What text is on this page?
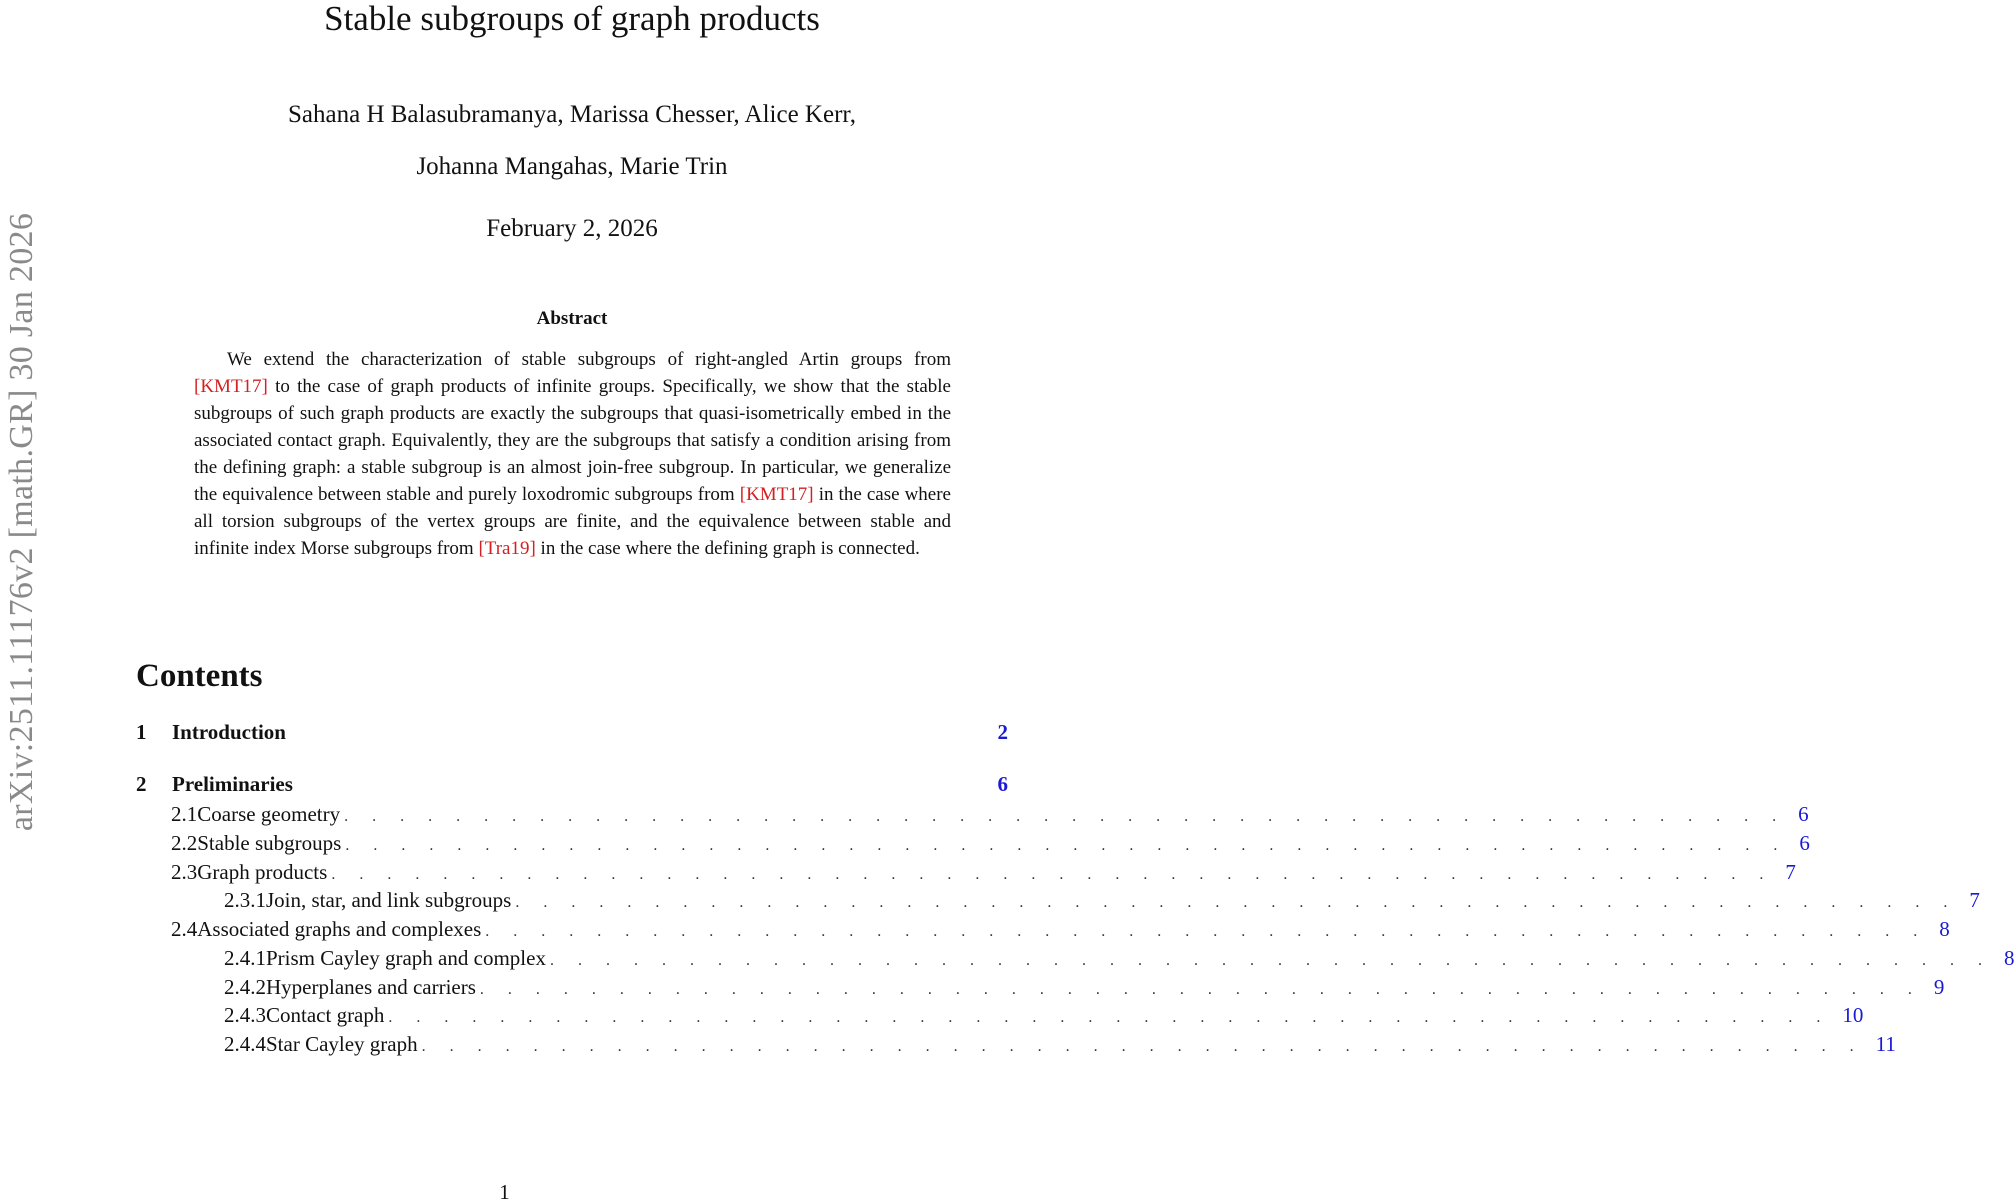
arXiv:2511.11176v2 [math.GR] 30 Jan 2026
Stable subgroups of graph products
Sahana H Balasubramanya, Marissa Chesser, Alice Kerr,
Johanna Mangahas, Marie Trin
February 2, 2026
Abstract
We extend the characterization of stable subgroups of right-angled Artin groups from [KMT17] to the case of graph products of infinite groups. Specifically, we show that the stable subgroups of such graph products are exactly the subgroups that quasi-isometrically embed in the associated contact graph. Equivalently, they are the subgroups that satisfy a condition arising from the defining graph: a stable subgroup is an almost join-free subgroup. In particular, we generalize the equivalence between stable and purely loxodromic subgroups from [KMT17] in the case where all torsion subgroups of the vertex groups are finite, and the equivalence between stable and infinite index Morse subgroups from [Tra19] in the case where the defining graph is connected.
Contents
1	Introduction	2
2	Preliminaries	6
2.1 Coarse geometry . . . . . . . . . . . . . . . . . . . . . . . . . . . . . . . . . . . . . . . . . . . . . . . . . . . . 6
2.2 Stable subgroups . . . . . . . . . . . . . . . . . . . . . . . . . . . . . . . . . . . . . . . . . . . . . . . . . . . . 6
2.3 Graph products . . . . . . . . . . . . . . . . . . . . . . . . . . . . . . . . . . . . . . . . . . . . . . . . . . . . 7
2.3.1 Join, star, and link subgroups . . . . . . . . . . . . . . . . . . . . . . . . . . . . . . . . . . . . . . . . . . . . . . . . . . . . 7
2.4 Associated graphs and complexes . . . . . . . . . . . . . . . . . . . . . . . . . . . . . . . . . . . . . . . . . . . . . . . . . . . . 8
2.4.1 Prism Cayley graph and complex . . . . . . . . . . . . . . . . . . . . . . . . . . . . . . . . . . . . . . . . . . . . . . . . . . . . 8
2.4.2 Hyperplanes and carriers . . . . . . . . . . . . . . . . . . . . . . . . . . . . . . . . . . . . . . . . . . . . . . . . . . . . 9
2.4.3 Contact graph . . . . . . . . . . . . . . . . . . . . . . . . . . . . . . . . . . . . . . . . . . . . . . . . . . . . 10
2.4.4 Star Cayley graph . . . . . . . . . . . . . . . . . . . . . . . . . . . . . . . . . . . . . . . . . . . . . . . . . . . . 11
1
